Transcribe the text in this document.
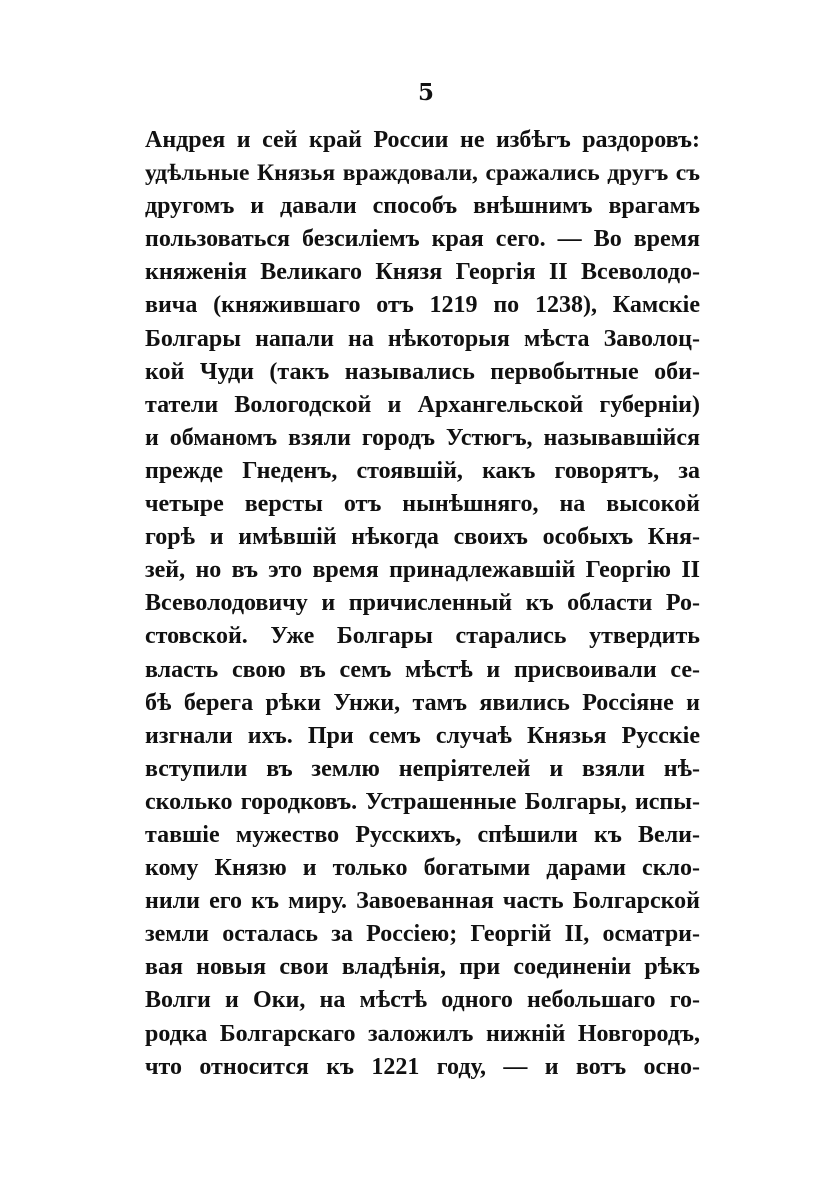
5
Андрея и сей край России не избѣгъ раздоровъ:
удѣльные Князья враждовали, сражались другъ съ
другомъ и давали способъ внѣшнимъ врагамъ
пользоваться безсиліемъ края сего. — Во время
княженія Великаго Князя Георгія II Всеволодо-
вича (княжившаго отъ 1219 по 1238), Камскіе
Болгары напали на нѣкоторыя мѣста Заволоц-
кой Чуди (такъ назывались первобытные оби-
татели Вологодской и Архангельской губерніи)
и обманомъ взяли городъ Устюгъ, называвшійся
прежде Гнеденъ, стоявшій, какъ говорятъ, за
четыре версты отъ нынѣшняго, на высокой
горѣ и имѣвшій нѣкогда своихъ особыхъ Кня-
зей, но въ это время принадлежавшій Георгію II
Всеволодовичу и причисленный къ области Ро-
стовской. Уже Болгары старались утвердить
власть свою въ семъ мѣстѣ и присвоивали се-
бѣ берега рѣки Унжи, тамъ явились Россіяне и
изгнали ихъ. При семъ случаѣ Князья Русскіе
вступили въ землю непріятелей и взяли нѣ-
сколько городковъ. Устрашенные Болгары, испы-
тавшіе мужество Русскихъ, спѣшили къ Вели-
кому Князю и только богатыми дарами скло-
нили его къ миру. Завоеванная часть Болгарской
земли осталась за Россіею; Георгій II, осматри-
вая новыя свои владѣнія, при соединеніи рѣкъ
Волги и Оки, на мѣстѣ одного небольшаго го-
родка Болгарскаго заложилъ нижній Новгородъ,
что относится къ 1221 году, — и вотъ осно-
